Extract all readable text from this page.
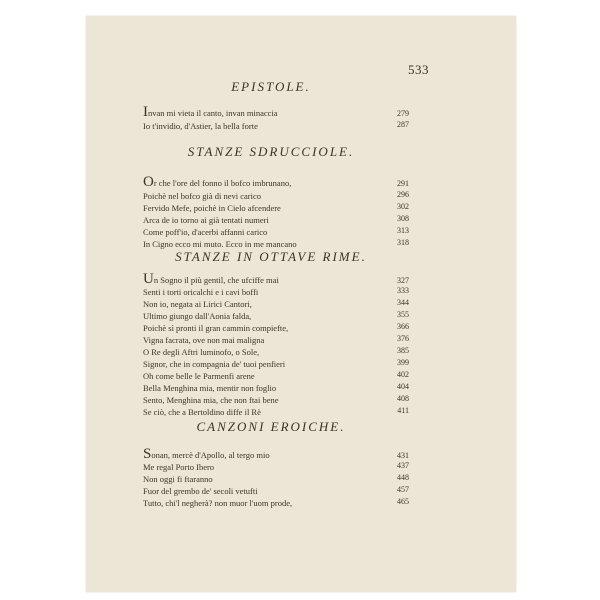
533
EPISTOLE.
Invan mi vieta il canto, invan minaccia	279
Io t'invidio, d'Astier, la bella forte	287
STANZE SDRUCCIOLE.
Or che l'ore del fonno il bofco imbrunano,	291
Poichè nel bofco già di nevi carico	296
Fervido Mefe, poichè in Cielo afcendere	302
Arca de io torno ai già tentati numeri	308
Come poff'io, d'acerbi affanni carico	313
In Cigno ecco mi muto. Ecco in me mancano	318
STANZE IN OTTAVE RIME.
Un Sogno il più gentil, che ufciffe mai	327
Senti i torti oricalchi e i cavi boffi	333
Non io, negata ai Lirici Cantori,	344
Ultimo giungo dall'Aonia falda,	355
Poichè sì pronti il gran cammin compiefte,	366
Vigna facrata, ove non mai maligna	376
O Re degli Aftri luminofo, o Sole,	385
Signor, che in compagnia de' tuoi penfieri	399
Oh come belle le Parmenfi arene	402
Bella Menghina mia, mentir non foglio	404
Sento, Menghina mia, che non ftai bene	408
Se ciò, che a Bertoldino diffe il Rè	411
CANZONI EROICHE.
Sonan, mercè d'Apollo, al tergo mio	431
Me regal Porto Ibero	437
Non oggi fi ftaranno	448
Fuor del grembo de' secoli vetufti	457
Tutto, chi'l negherà? non muor l'uom prode,	465
